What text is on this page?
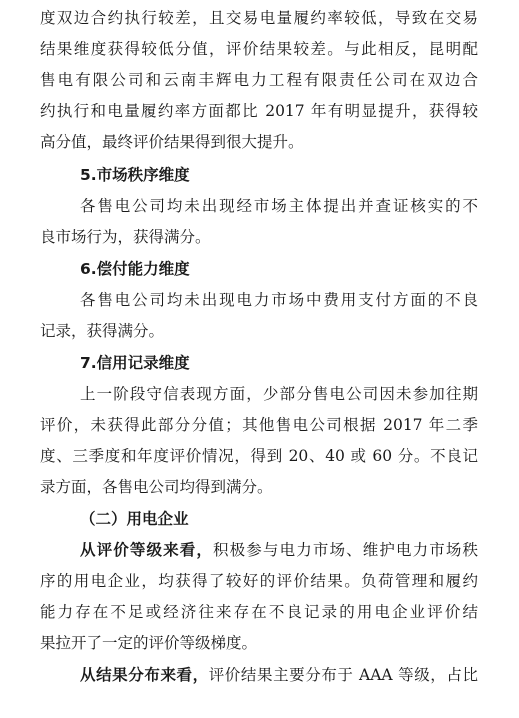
度双边合约执行较差，且交易电量履约率较低，导致在交易
结果维度获得较低分值，评价结果较差。与此相反，昆明配
售电有限公司和云南丰辉电力工程有限责任公司在双边合
约执行和电量履约率方面都比 2017 年有明显提升，获得较
高分值，最终评价结果得到很大提升。
5.市场秩序维度
各售电公司均未出现经市场主体提出并查证核实的不
良市场行为，获得满分。
6.偿付能力维度
各售电公司均未出现电力市场中费用支付方面的不良
记录，获得满分。
7.信用记录维度
上一阶段守信表现方面，少部分售电公司因未参加往期
评价，未获得此部分分值；其他售电公司根据 2017 年二季
度、三季度和年度评价情况，得到 20、40 或 60 分。不良记
录方面，各售电公司均得到满分。
（二）用电企业
从评价等级来看，积极参与电力市场、维护电力市场秩
序的用电企业，均获得了较好的评价结果。负荷管理和履约
能力存在不足或经济往来存在不良记录的用电企业评价结
果拉开了一定的评价等级梯度。
从结果分布来看，评价结果主要分布于 AAA 等级，占比
